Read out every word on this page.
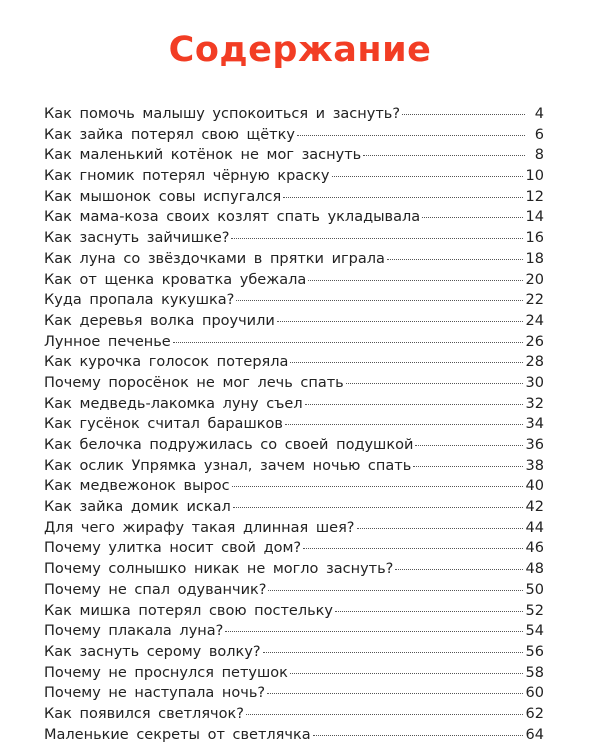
Содержание
Как помочь малышу успокоиться и заснуть?	4
Как зайка потерял свою щётку	6
Как маленький котёнок не мог заснуть	8
Как гномик потерял чёрную краску	10
Как мышонок совы испугался	12
Как мама-коза своих козлят спать укладывала	14
Как заснуть зайчишке?	16
Как луна со звёздочками в прятки играла	18
Как от щенка кроватка убежала	20
Куда пропала кукушка?	22
Как деревья волка проучили	24
Лунное печенье	26
Как курочка голосок потеряла	28
Почему поросёнок не мог лечь спать	30
Как медведь-лакомка луну съел	32
Как гусёнок считал барашков	34
Как белочка подружилась со своей подушкой	36
Как ослик Упрямка узнал, зачем ночью спать	38
Как медвежонок вырос	40
Как зайка домик искал	42
Для чего жирафу такая длинная шея?	44
Почему улитка носит свой дом?	46
Почему солнышко никак не могло заснуть?	48
Почему не спал одуванчик?	50
Как мишка потерял свою постельку	52
Почему плакала луна?	54
Как заснуть серому волку?	56
Почему не проснулся петушок	58
Почему не наступала ночь?	60
Как появился светлячок?	62
Маленькие секреты от светлячка	64
